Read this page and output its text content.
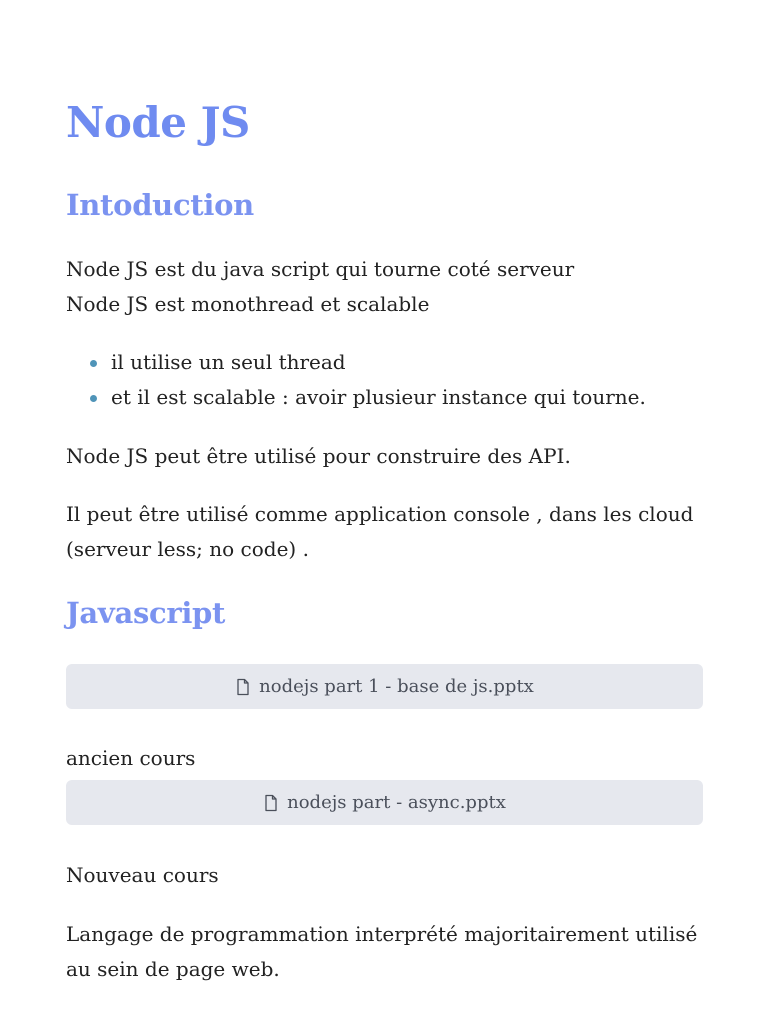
Node JS
Intoduction

Node JS est du java script qui tourne coté serveur

Node JS est monothread et scalable

il utilise un seul thread
et il est scalable : avoir plusieur instance qui tourne.

Node JS peut être utilisé pour construire des API.

Il peut être utilisé comme application console , dans les cloud

(serveur less; no code) .

Javascript
nodejs part 1 - base de js.pptx

ancien cours

nodejs part - async.pptx

Nouveau cours

Langage de programmation interprété majoritairement utilisé

au sein de page web.
